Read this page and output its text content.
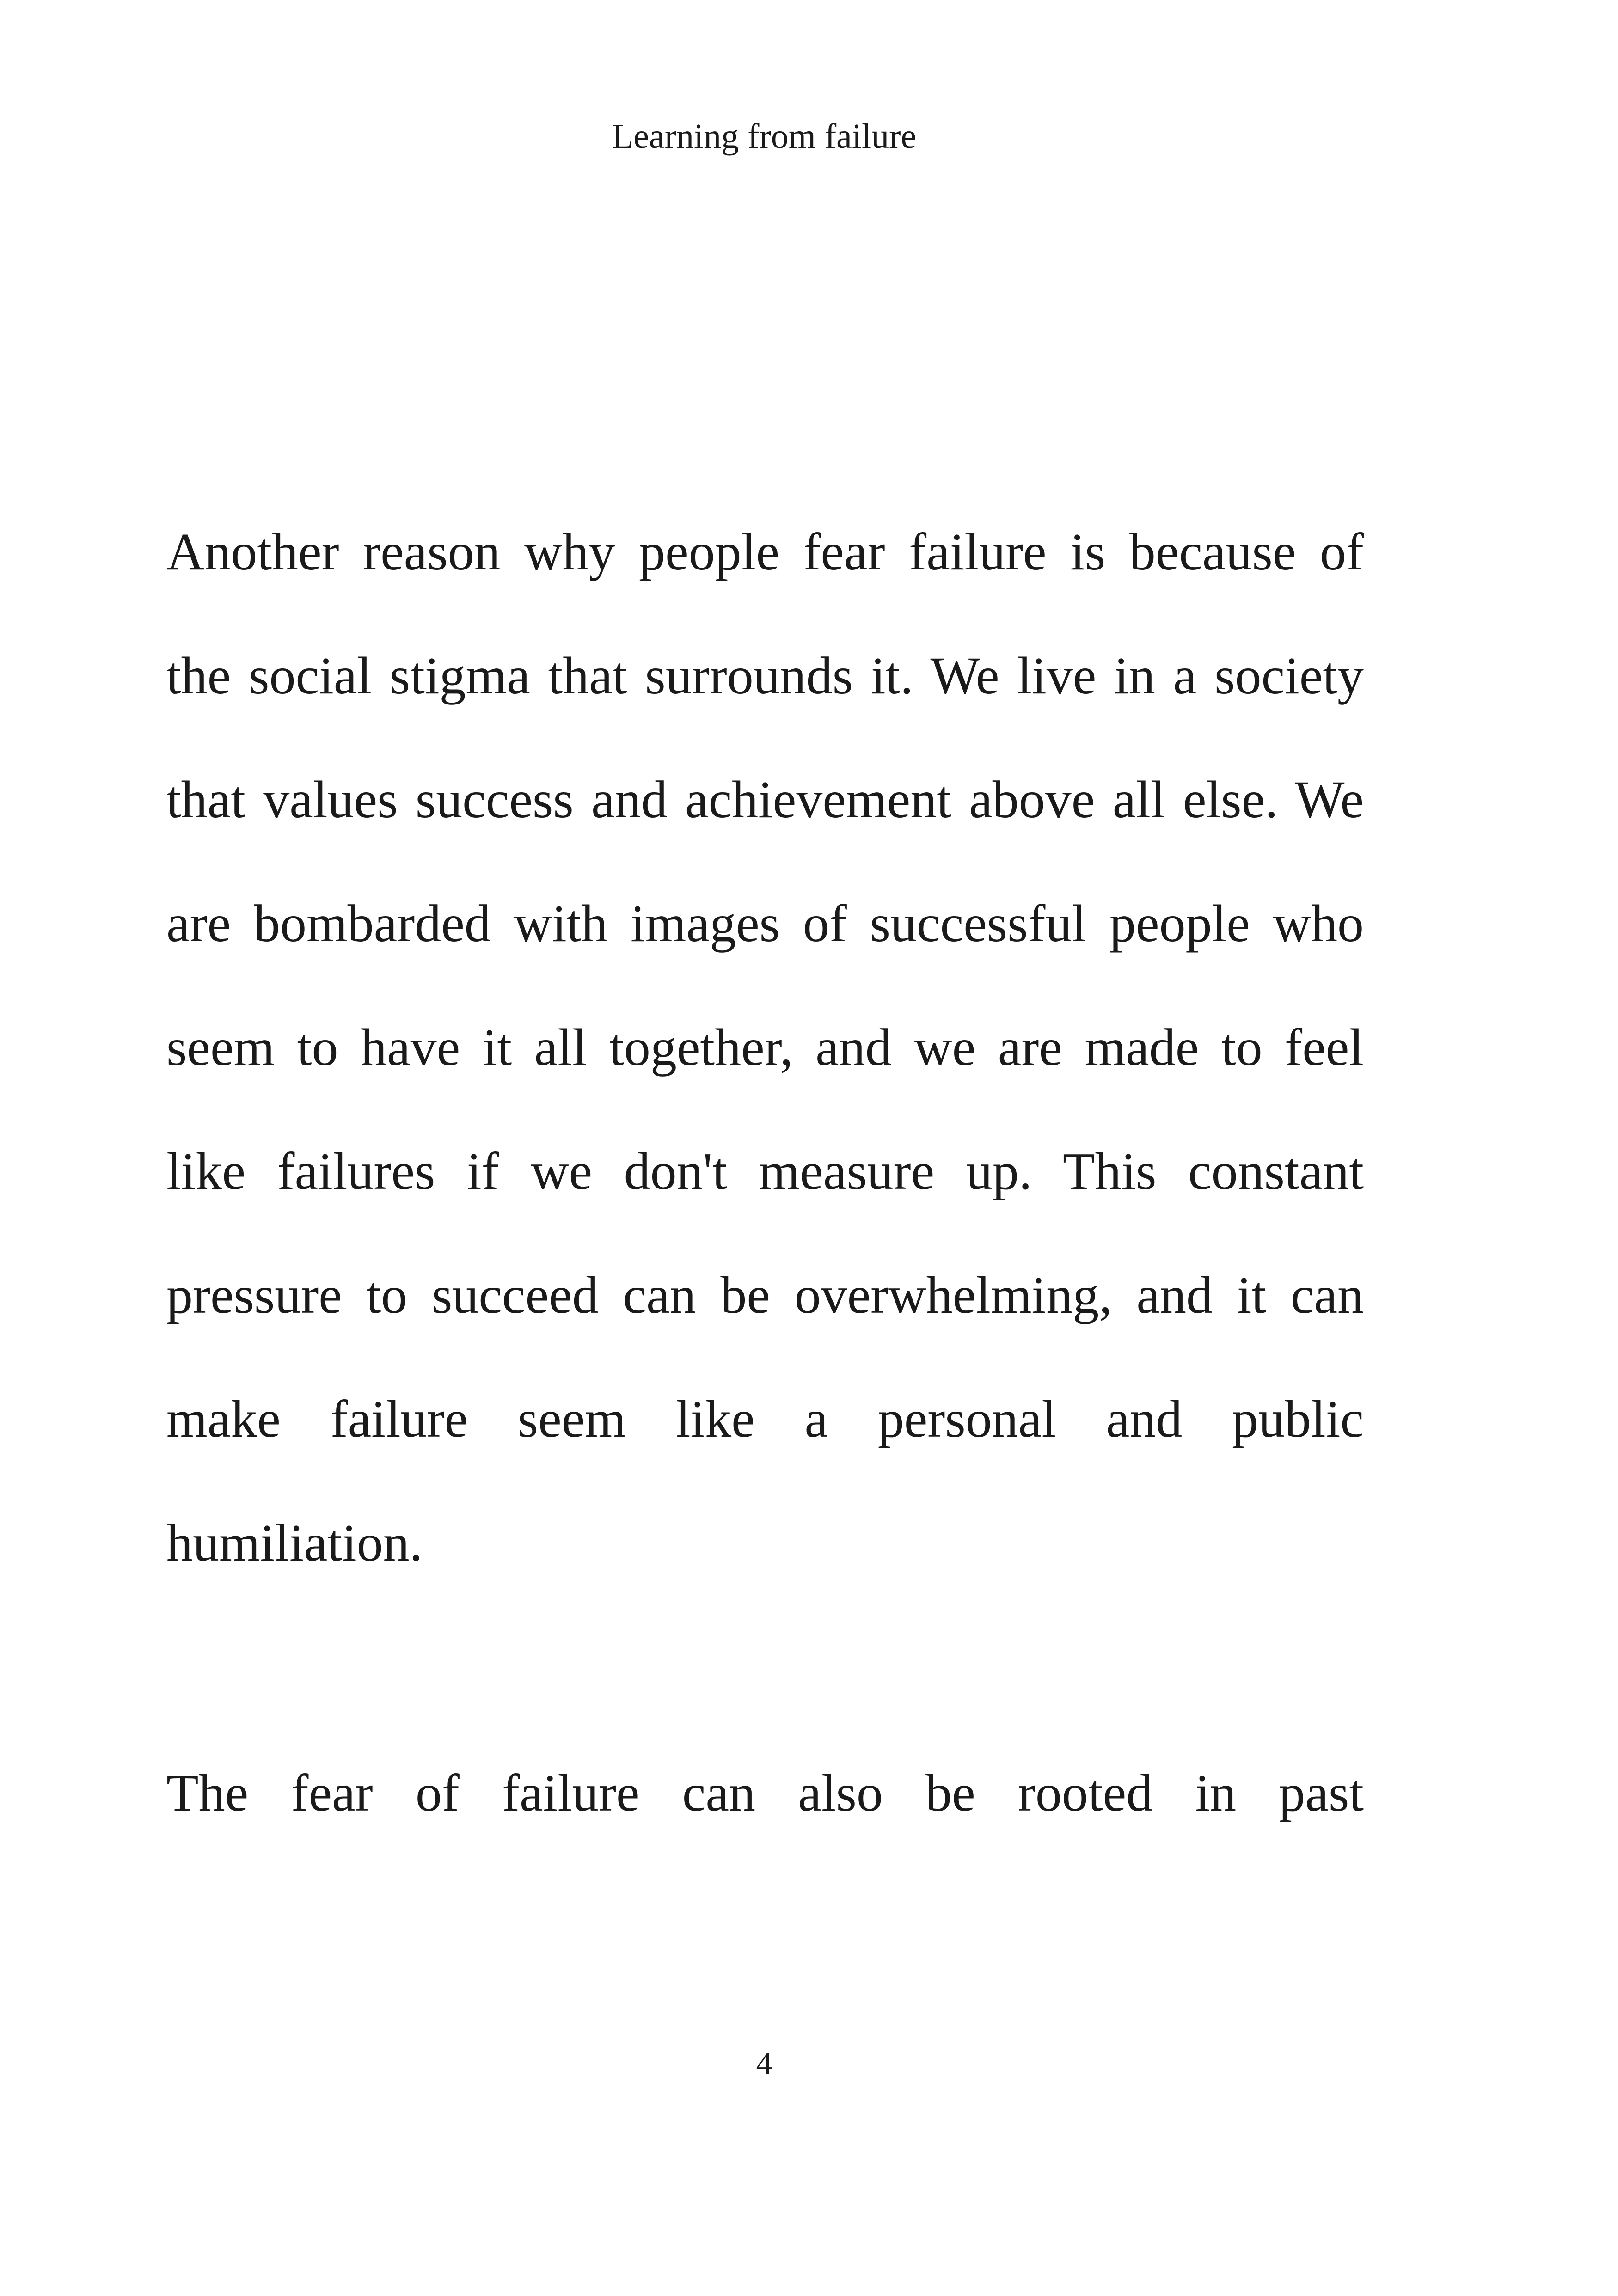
Learning from failure
Another reason why people fear failure is because of
the social stigma that surrounds it. We live in a society
that values success and achievement above all else. We
are bombarded with images of successful people who
seem to have it all together, and we are made to feel
like failures if we don't measure up. This constant
pressure to succeed can be overwhelming, and it can
make failure seem like a personal and public
humiliation.
The fear of failure can also be rooted in past
4
